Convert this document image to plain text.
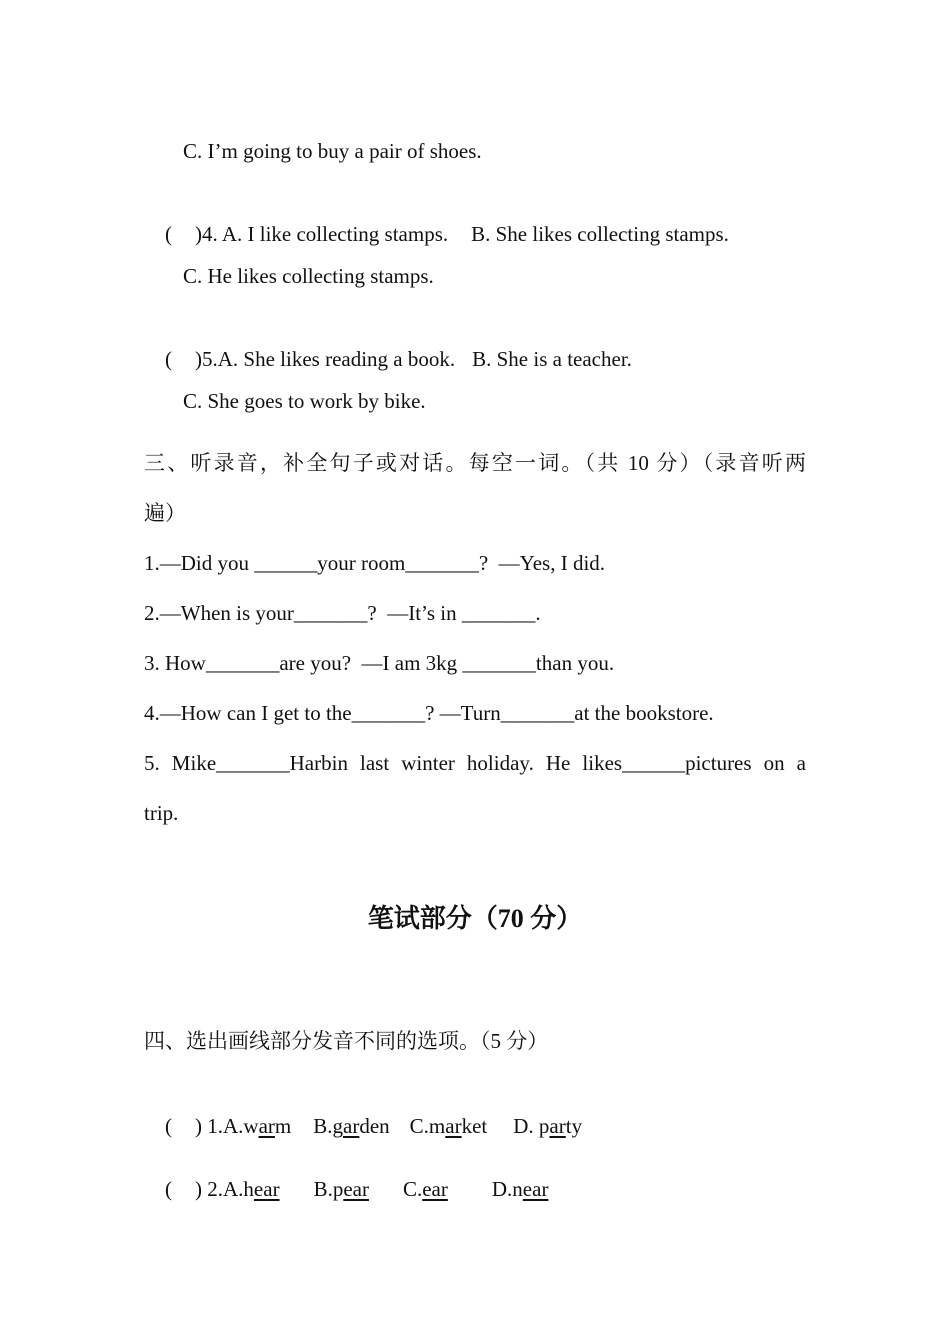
C. I’m going to buy a pair of shoes.

( )4. A. I like collecting stamps. B. She likes collecting stamps.

C. He likes collecting stamps.

( )5.A. She likes reading a book. B. She is a teacher.

C. She goes to work by bike.
三、听录音，补全句子或对话。每空一词。（共 10 分）（录音听两
遍）
1.—Did you ______your room_______?  —Yes, I did.
2.—When is your_______?  —It’s in _______.
3. How_______are you?  —I am 3kg _______than you.
4.—How can I get to the_______? —Turn_______at the bookstore.
5. Mike_______Harbin last winter holiday. He likes______pictures on a
trip.
笔试部分（70 分）
四、选出画线部分发音不同的选项。（5 分）

( ) 1.A.warm B.garden C.market D. party

( ) 2.A.hear B.pear C.ear D.near
